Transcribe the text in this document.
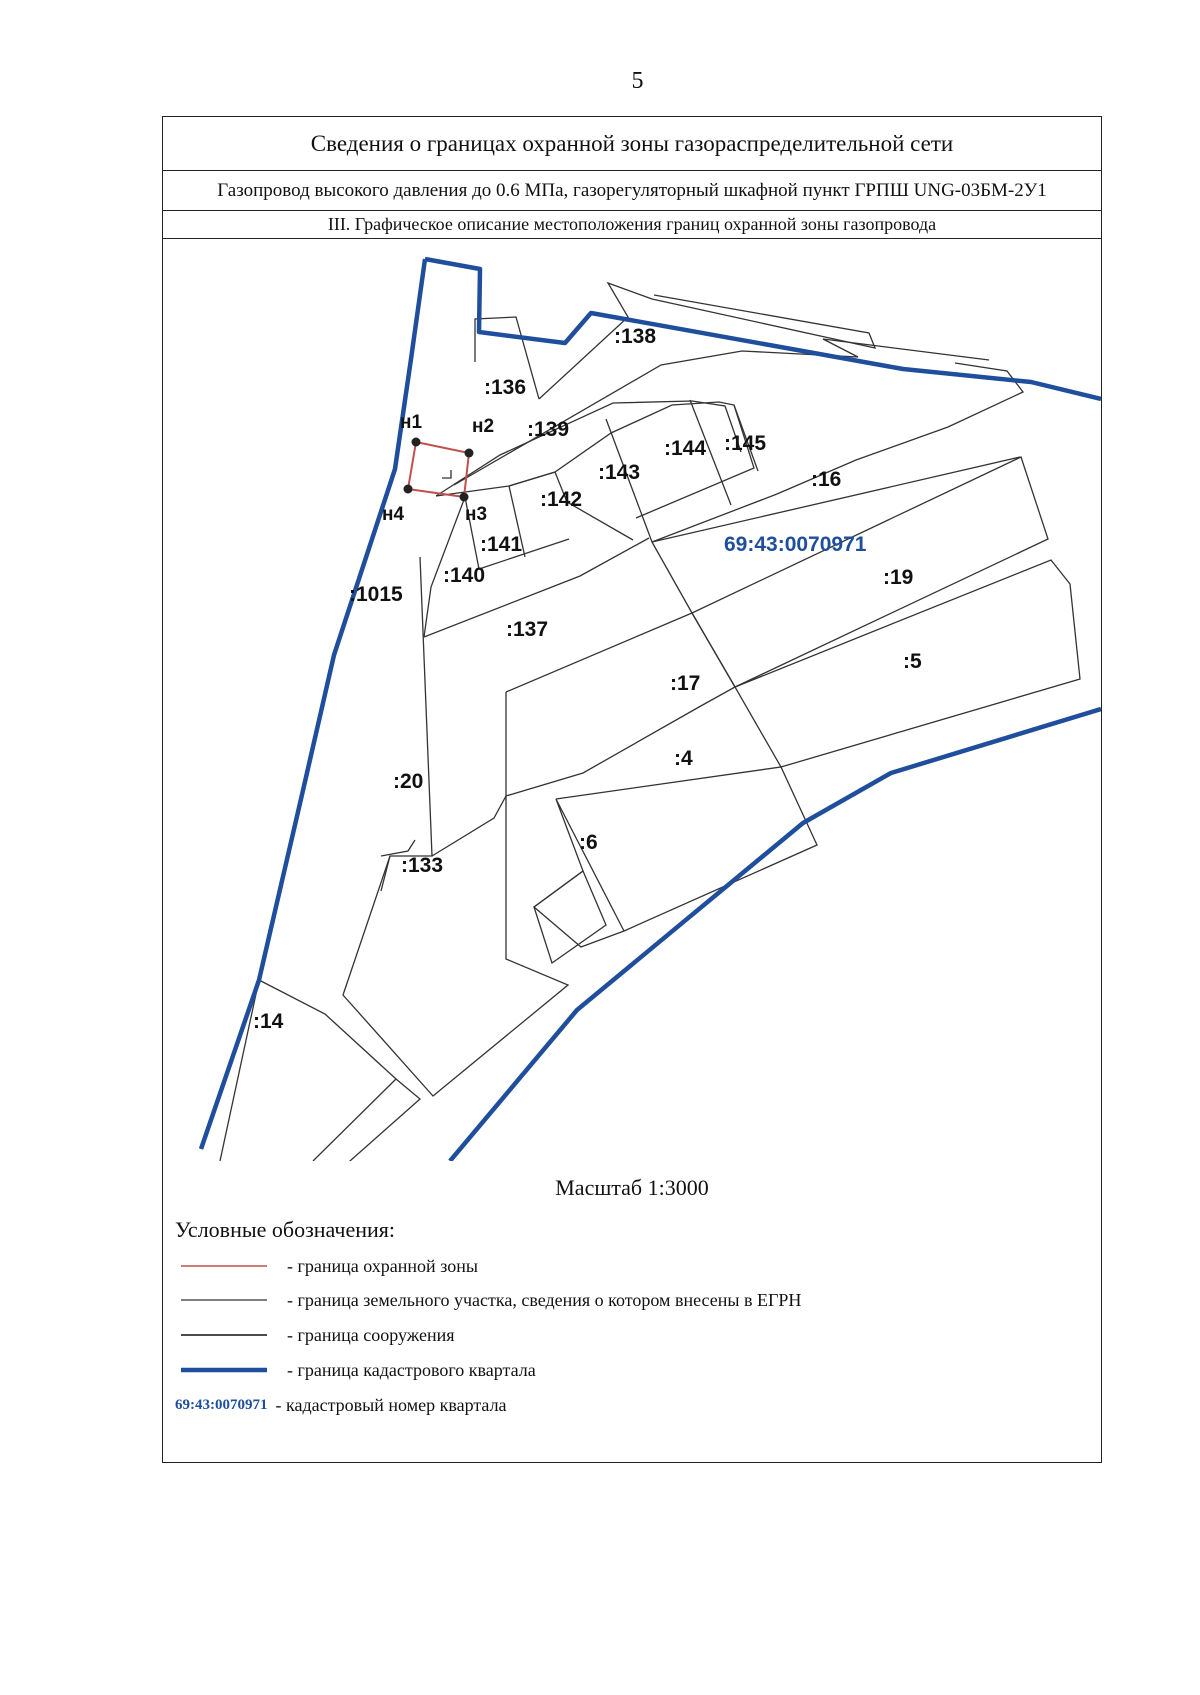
5
Сведения о границах охранной зоны газораспределительной сети
Газопровод высокого давления до 0.6 МПа, газорегуляторный шкафной пункт ГРПШ UNG-03БМ-2У1
III. Графическое описание местоположения границ охранной зоны газопровода
н1	н2
н3
н4
:138
:136
:139
:144 :145
:143
:142
:16
:141
:140
:1015
:19
:137
:5
:17
:4
:20
:6
:133
:14
69:43:0070971
Масштаб 1:3000
Условные обозначения:
- граница охранной зоны
- граница земельного участка, сведения о котором внесены в ЕГРН
- граница сооружения
- граница кадастрового квартала
69:43:0070971 - кадастровый номер квартала
